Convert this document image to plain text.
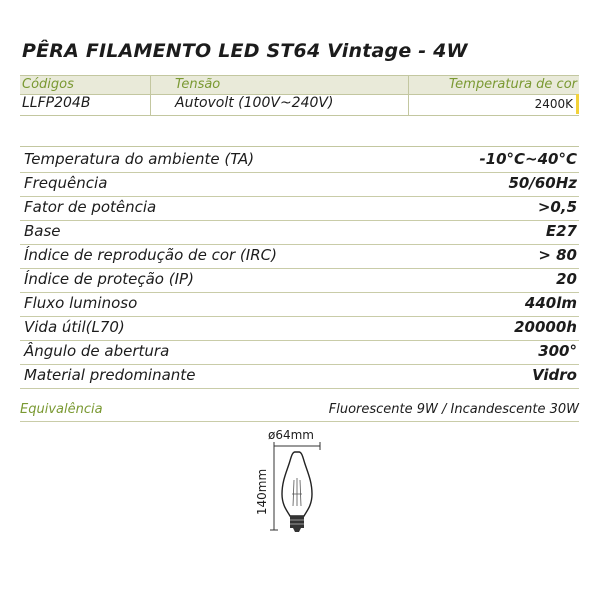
PÊRA FILAMENTO LED ST64 Vintage - 4W
Códigos	Tensão	Temperatura de cor
LLFP204B	Autovolt (100V~240V)	2400K
Temperatura do ambiente (TA)	-10°C~40°C
Frequência	50/60Hz
Fator de potência	>0,5
Base	E27
Índice de reprodução de cor (IRC)	> 80
Índice de proteção (IP)	20
Fluxo luminoso	440lm
Vida útil(L70)	20000h
Ângulo de abertura	300°
Material predominante	Vidro
Equivalência	Fluorescente 9W / Incandescente 30W
ø64mm
140mm
